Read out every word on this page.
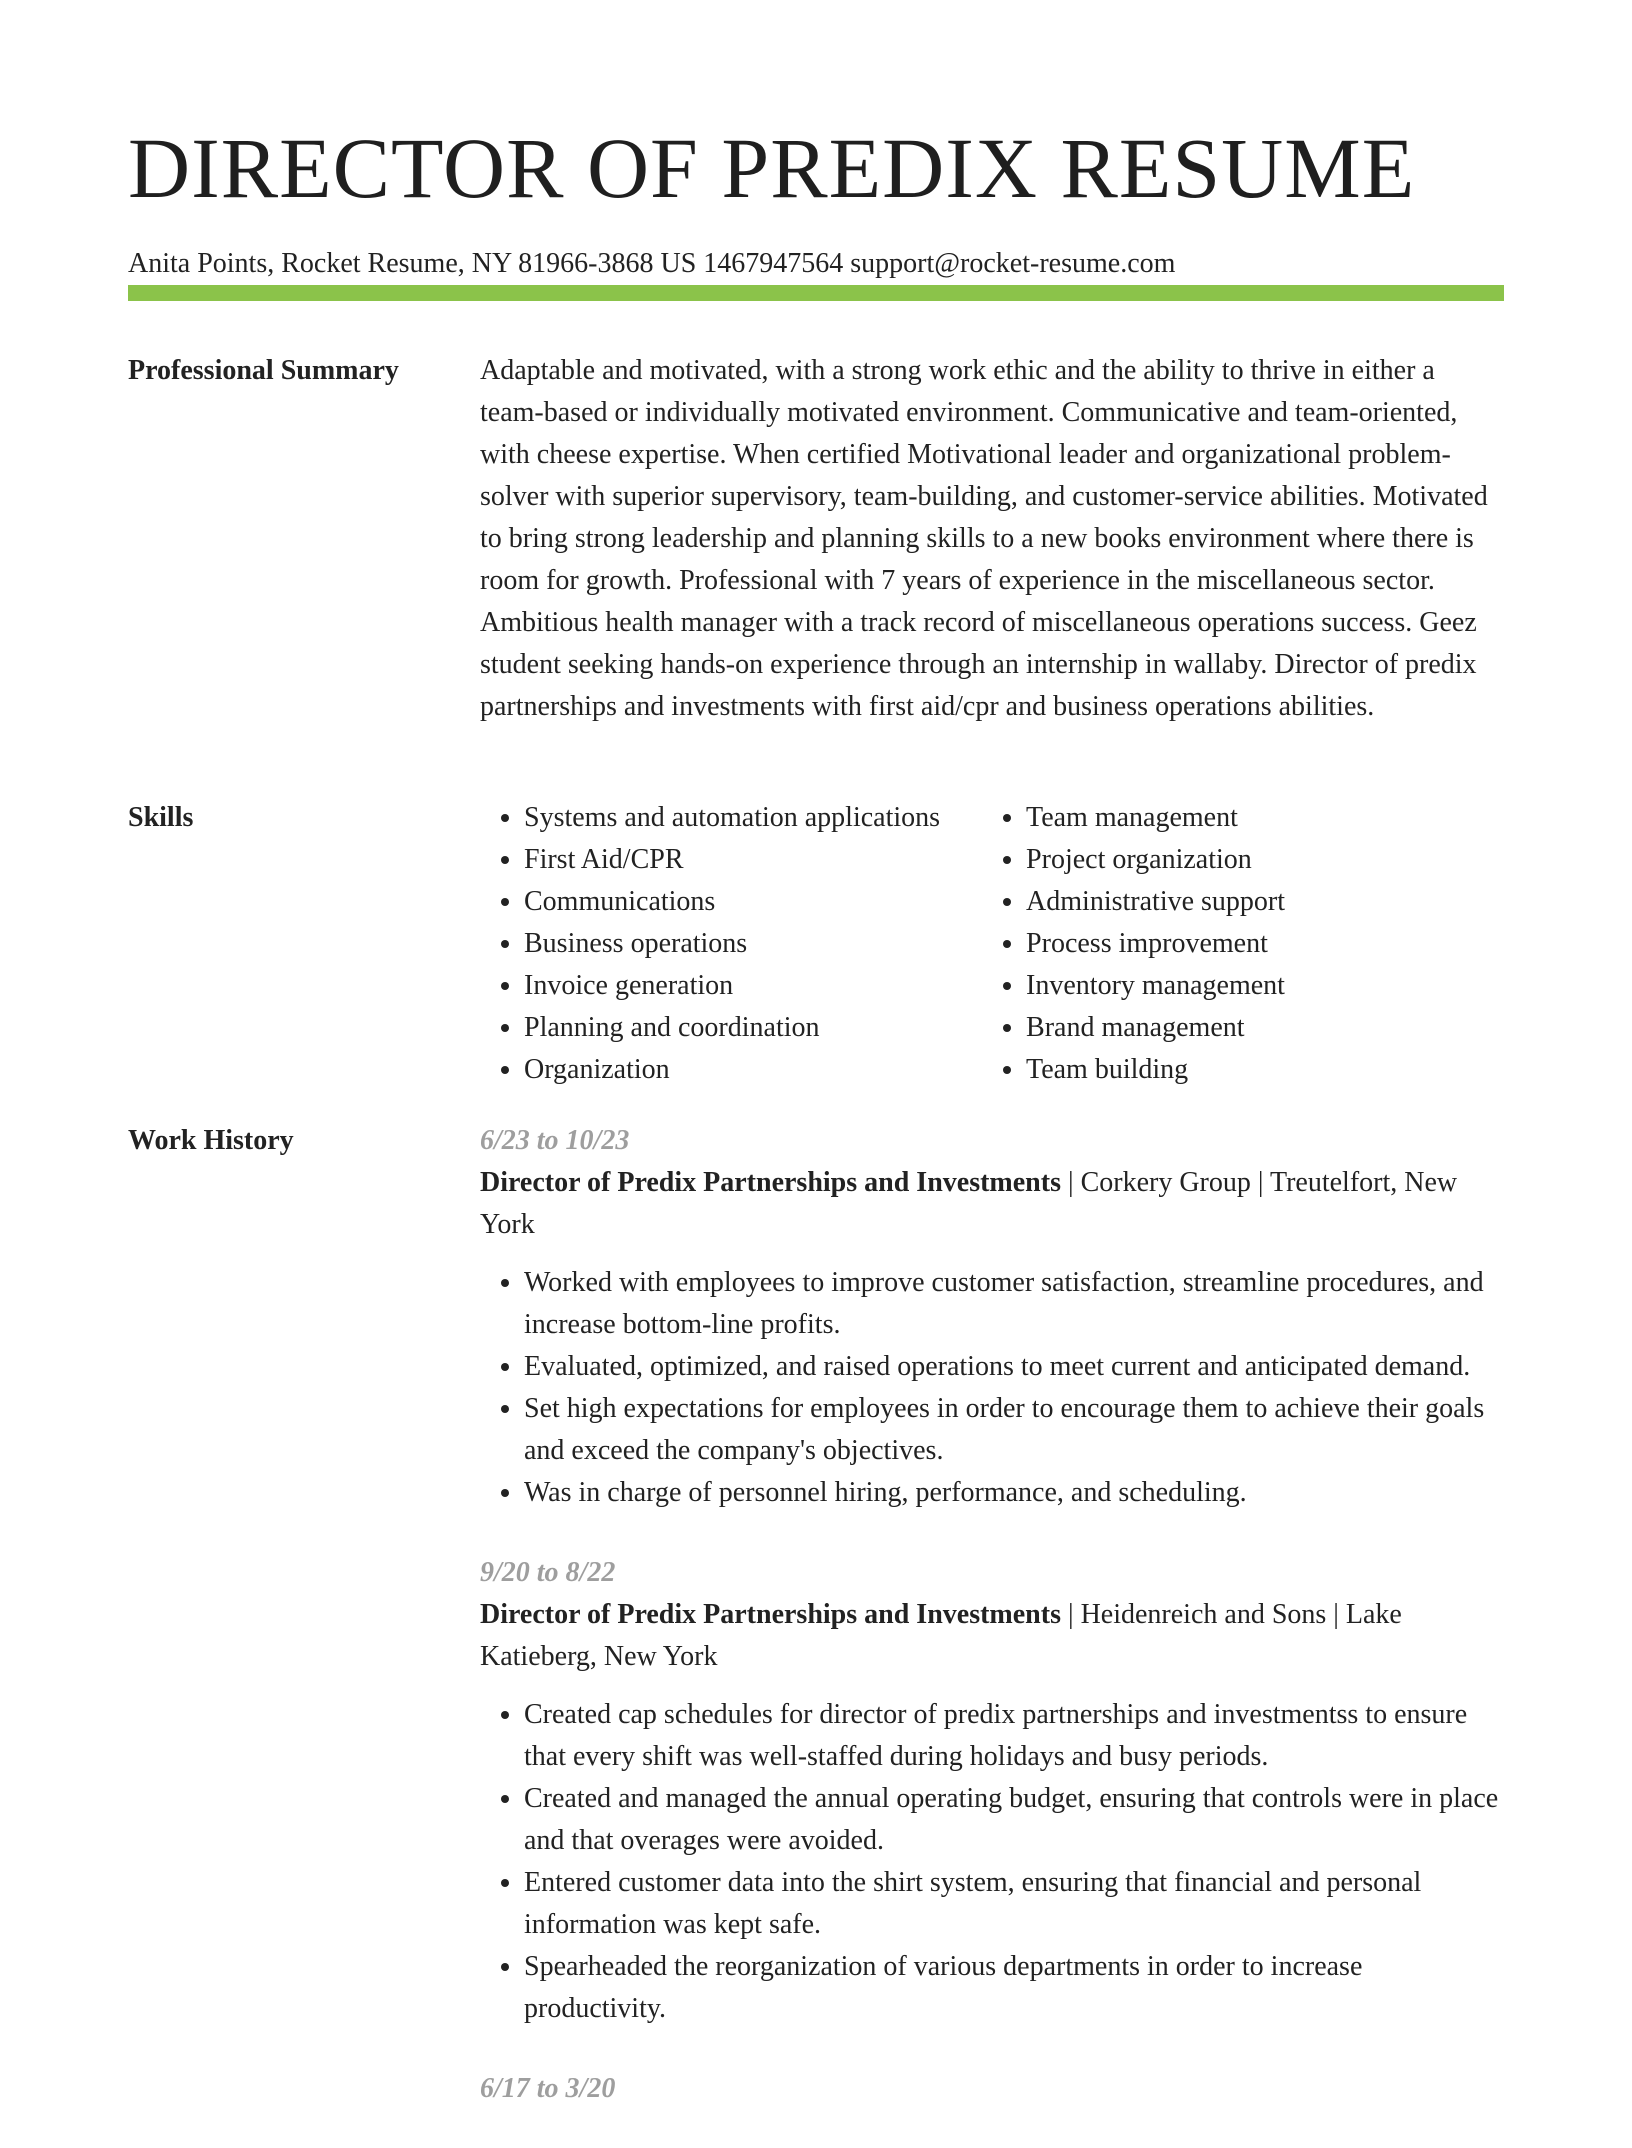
DIRECTOR OF PREDIX RESUME
Anita Points, Rocket Resume, NY 81966-3868 US 1467947564 support@rocket-resume.com
Professional Summary	Adaptable and motivated, with a strong work ethic and the ability to thrive in either a team-based or individually motivated environment. Communicative and team-oriented, with cheese expertise. When certified Motivational leader and organizational problem-solver with superior supervisory, team-building, and customer-service abilities. Motivated to bring strong leadership and planning skills to a new books environment where there is room for growth. Professional with 7 years of experience in the miscellaneous sector. Ambitious health manager with a track record of miscellaneous operations success. Geez student seeking hands-on experience through an internship in wallaby. Director of predix partnerships and investments with first aid/cpr and business operations abilities.

Skills
•	Systems and automation applications
• First Aid/CPR
• Communications
• Business operations
• Invoice generation
• Planning and coordination
• Organization
• Team management
• Project organization
• Administrative support
• Process improvement
• Inventory management
• Brand management
• Team building
Work History	6/23 to 10/23
Director of Predix Partnerships and Investments | Corkery Group | Treutelfort, New York
• Worked with employees to improve customer satisfaction, streamline procedures, and increase bottom-line profits.
• Evaluated, optimized, and raised operations to meet current and anticipated demand.
• Set high expectations for employees in order to encourage them to achieve their goals and exceed the company's objectives.
• Was in charge of personnel hiring, performance, and scheduling.
9/20 to 8/22
Director of Predix Partnerships and Investments | Heidenreich and Sons | Lake Katieberg, New York
• Created cap schedules for director of predix partnerships and investmentss to ensure that every shift was well-staffed during holidays and busy periods.
• Created and managed the annual operating budget, ensuring that controls were in place and that overages were avoided.
• Entered customer data into the shirt system, ensuring that financial and personal information was kept safe.
• Spearheaded the reorganization of various departments in order to increase productivity.
6/17 to 3/20
